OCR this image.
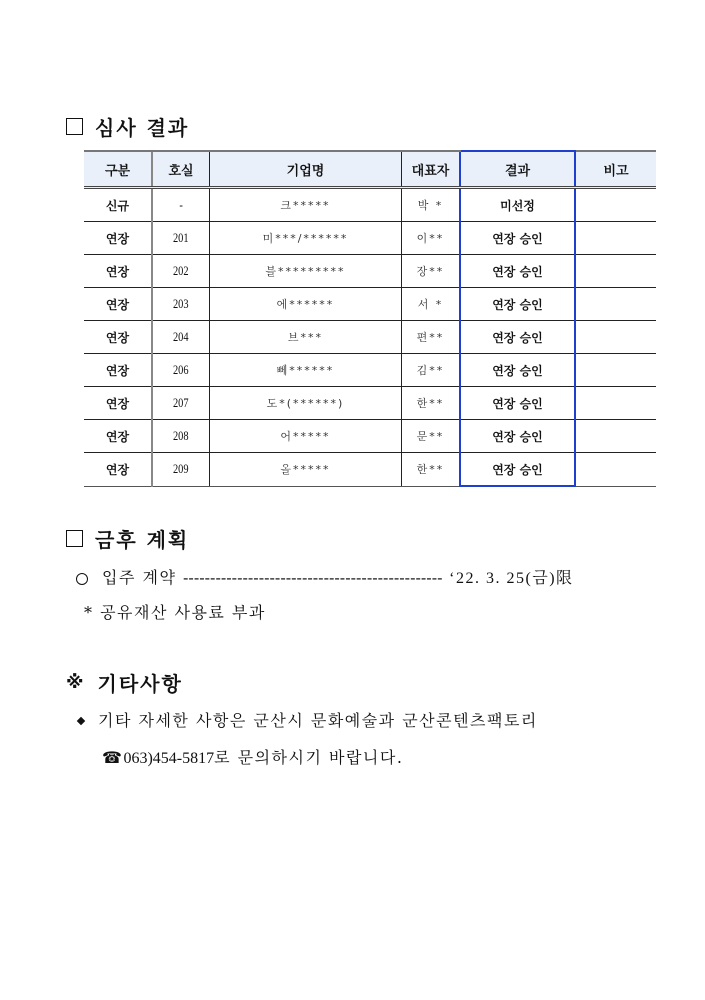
심사 결과
구분	호실	기업명	대표자	결과	비고
신규	-	크*****	박 *	미선정	
연장	201	미***/******	이**	연장 승인	
연장	202	블*********	장**	연장 승인	
연장	203	에******	서 *	연장 승인	
연장	204	브***	편**	연장 승인	
연장	206	뻬******	김**	연장 승인	
연장	207	도*(******)	한**	연장 승인	
연장	208	어*****	문**	연장 승인	
연장	209	올*****	한**	연장 승인	
금후 계획
입주 계약 ------------------------------------------------ ‘22. 3. 25(금)限
* 공유재산 사용료 부과
※ 기타사항
기타 자세한 사항은 군산시 문화예술과 군산콘텐츠팩토리
☎063)454-5817로 문의하시기 바랍니다.
